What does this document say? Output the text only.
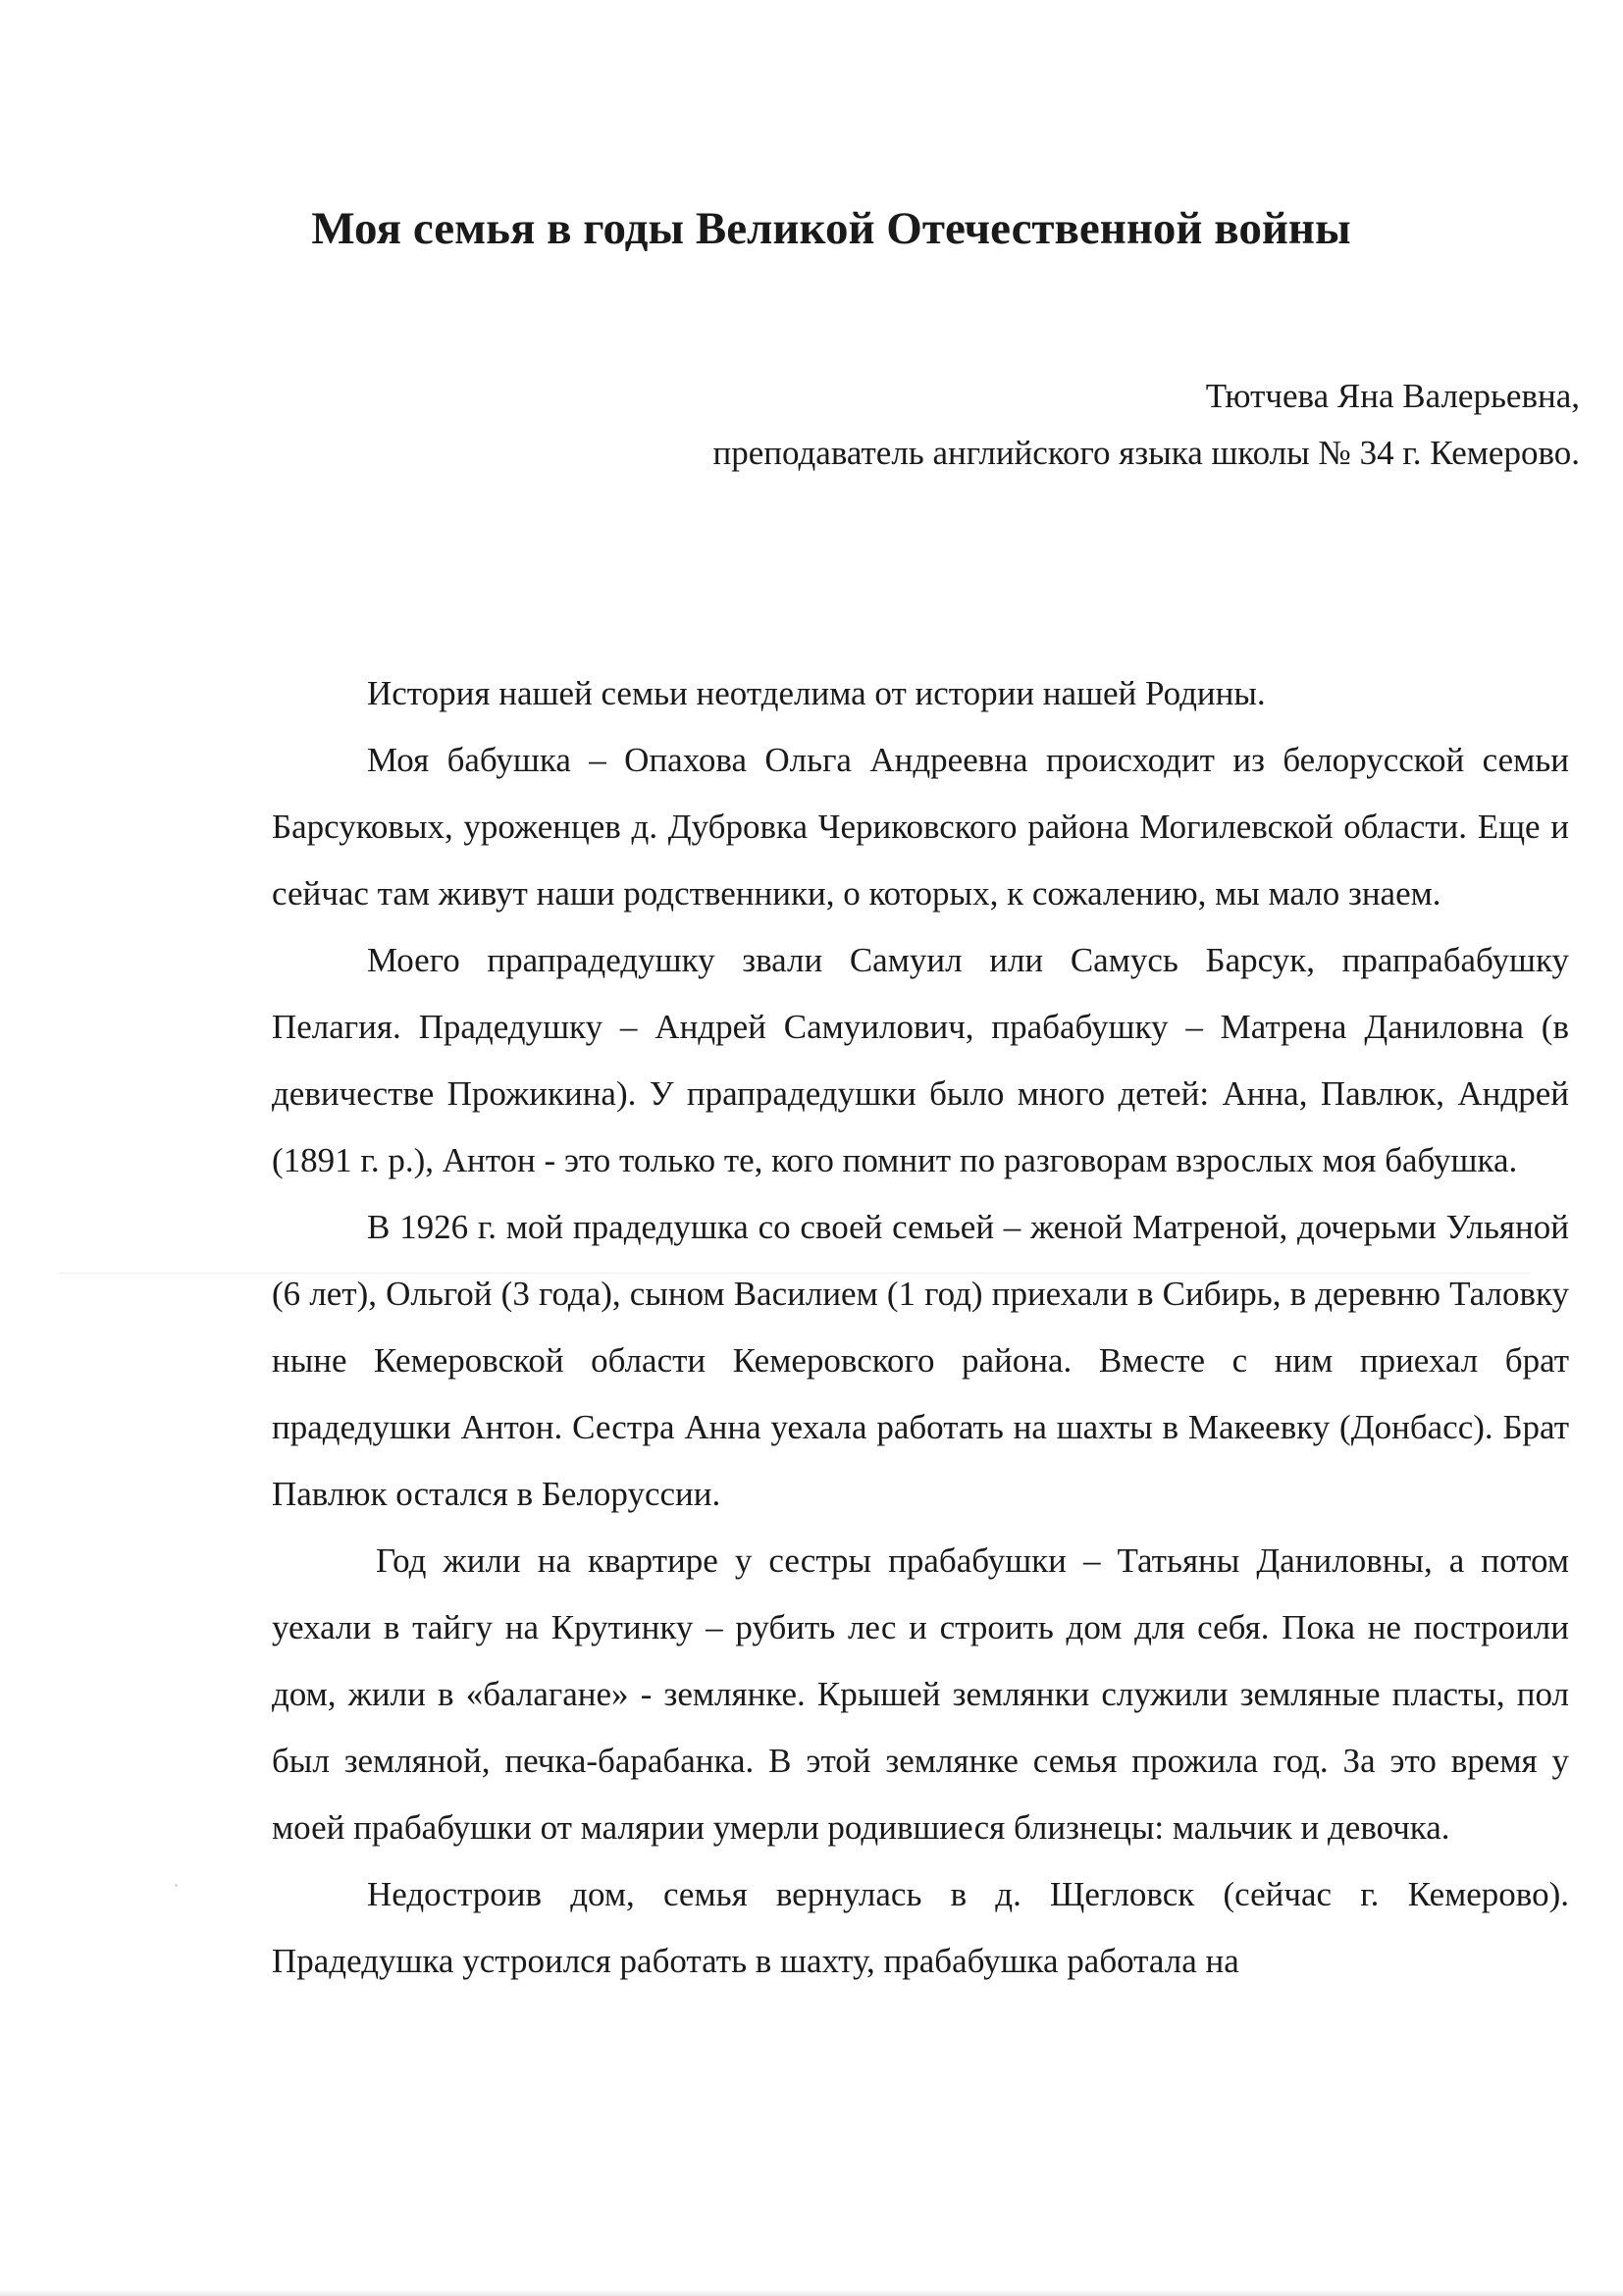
Моя семья в годы Великой Отечественной войны
Тютчева Яна Валерьевна,
преподаватель английского языка школы № 34 г. Кемерово.

История нашей семьи неотделима от истории нашей Родины.

Моя бабушка – Опахова Ольга Андреевна происходит из белорусской семьи Барсуковых, уроженцев д. Дубровка Чериковского района Могилевской области. Еще и сейчас там живут наши родственники, о которых, к сожалению, мы мало знаем.

Моего прапрадедушку звали Самуил или Самусь Барсук, прапрабабушку Пелагия. Прадедушку – Андрей Самуилович, прабабушку – Матрена Даниловна (в девичестве Прожикина). У прапрадедушки было много детей: Анна, Павлюк, Андрей (1891 г. р.), Антон - это только те, кого помнит по разговорам взрослых моя бабушка.

В 1926 г. мой прадедушка со своей семьей – женой Матреной, дочерьми Ульяной (6 лет), Ольгой (3 года), сыном Василием (1 год) приехали в Сибирь, в деревню Таловку ныне Кемеровской области Кемеровского района. Вместе с ним приехал брат прадедушки Антон. Сестра Анна уехала работать на шахты в Макеевку (Донбасс). Брат Павлюк остался в Белоруссии.

Год жили на квартире у сестры прабабушки – Татьяны Даниловны, а потом уехали в тайгу на Крутинку – рубить лес и строить дом для себя. Пока не построили дом, жили в «балагане» - землянке. Крышей землянки служили земляные пласты, пол был земляной, печка-барабанка. В этой землянке семья прожила год. За это время у моей прабабушки от малярии умерли родившиеся близнецы: мальчик и девочка.

Недостроив дом, семья вернулась в д. Щегловск (сейчас г. Кемерово). Прадедушка устроился работать в шахту, прабабушка работала на
